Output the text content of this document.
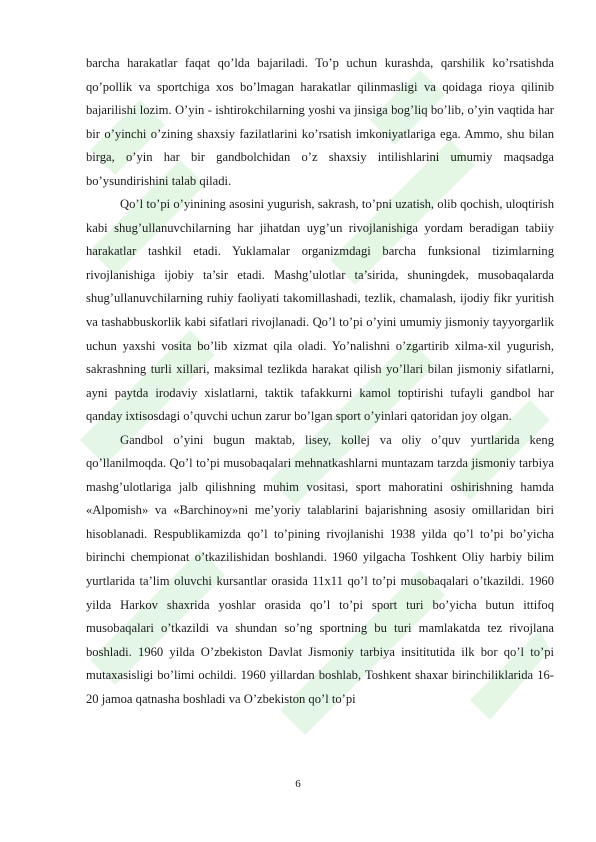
barcha harakatlar faqat qo’lda bajariladi. To’p uchun kurashda, qarshilik ko’rsatishda qo’pollik va sportchiga xos bo’lmagan harakatlar qilinmasligi va qoidaga rioya qilinib bajarilishi lozim. O’yin - ishtirokchilarning yoshi va jinsiga bog’liq bo’lib, o’yin vaqtida har bir o’yinchi o’zining shaxsiy fazilatlarini ko’rsatish imkoniyatlariga ega. Ammo, shu bilan birga, o’yin har bir gandbolchidan o’z shaxsiy intilishlarini umumiy maqsadga bo’ysundirishini talab qiladi.

Qo’l to’pi o’yinining asosini yugurish, sakrash, to’pni uzatish, olib qochish, uloqtirish kabi shug’ullanuvchilarning har jihatdan uyg’un rivojlanishiga yordam beradigan tabiiy harakatlar tashkil etadi. Yuklamalar organizmdagi barcha funksional tizimlarning rivojlanishiga ijobiy ta’sir etadi. Mashg’ulotlar ta’sirida, shuningdek, musobaqalarda shug’ullanuvchilarning ruhiy faoliyati takomillashadi, tezlik, chamalash, ijodiy fikr yuritish va tashabbuskorlik kabi sifatlari rivojlanadi. Qo’l to’pi o’yini umumiy jismoniy tayyorgarlik uchun yaxshi vosita bo’lib xizmat qila oladi. Yo’nalishni o’zgartirib xilma-xil yugurish, sakrashning turli xillari, maksimal tezlikda harakat qilish yo’llari bilan jismoniy sifatlarni, ayni paytda irodaviy xislatlarni, taktik tafakkurni kamol toptirishi tufayli gandbol har qanday ixtisosdagi o’quvchi uchun zarur bo’lgan sport o’yinlari qatoridan joy olgan.

Gandbol o’yini bugun maktab, lisey, kollej va oliy o’quv yurtlarida keng qo’llanilmoqda. Qo’l to’pi musobaqalari mehnatkashlarni muntazam tarzda jismoniy tarbiya mashg’ulotlariga jalb qilishning muhim vositasi, sport mahoratini oshirishning hamda «Alpomish» va «Barchinoy»ni me’yoriy talablarini bajarishning asosiy omillaridan biri hisoblanadi. Respublikamizda qo’l to’pining rivojlanishi 1938 yilda qo’l to’pi bo’yicha birinchi chempionat o’tkazilishidan boshlandi. 1960 yilgacha Toshkent Oliy harbiy bilim yurtlarida ta’lim oluvchi kursantlar orasida 11x11 qo’l to’pi musobaqalari o’tkazildi. 1960 yilda Harkov shaxrida yoshlar orasida qo’l to’pi sport turi bo’yicha butun ittifoq musobaqalari o’tkazildi va shundan so’ng sportning bu turi mamlakatda tez rivojlana boshladi. 1960 yilda O’zbekiston Davlat Jismoniy tarbiya insititutida ilk bor qo’l to’pi mutaxasisligi bo’limi ochildi. 1960 yillardan boshlab, Toshkent shaxar birinchiliklarida 16-20 jamoa qatnasha boshladi va O’zbekiston qo’l to’pi

6
